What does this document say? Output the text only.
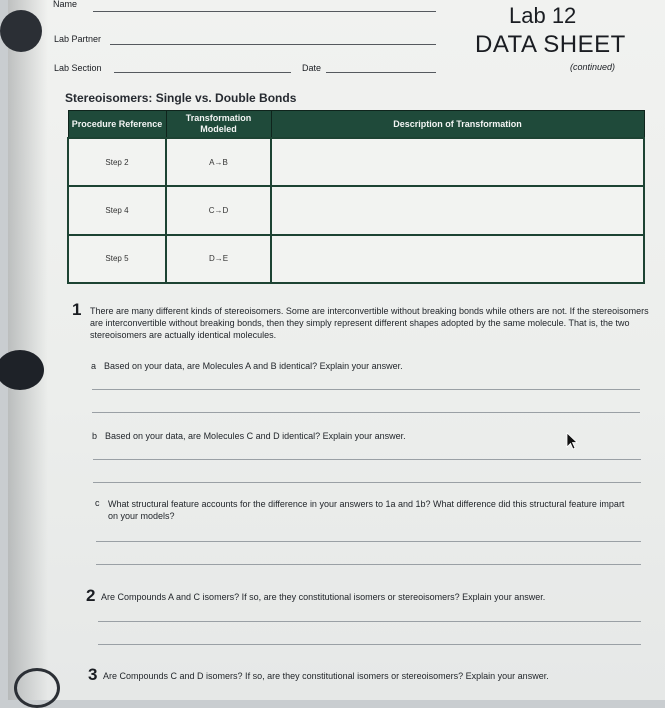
Name
Lab Partner
Lab Section	Date
Lab 12
DATA SHEET
(continued)
Stereoisomers: Single vs. Double Bonds
Procedure Reference	Transformation Modeled	Description of Transformation
Step 2	A→B	
Step 4	C→D	
Step 5	D→E	
1 There are many different kinds of stereoisomers. Some are interconvertible without breaking bonds while others are not. If the stereoisomers are interconvertible without breaking bonds, then they simply represent different shapes adopted by the same molecule. That is, the two stereoisomers are actually identical molecules.
a Based on your data, are Molecules A and B identical? Explain your answer.
b Based on your data, are Molecules C and D identical? Explain your answer.
c What structural feature accounts for the difference in your answers to 1a and 1b? What difference did this structural feature impart on your models?
2 Are Compounds A and C isomers? If so, are they constitutional isomers or stereoisomers? Explain your answer.
3 Are Compounds C and D isomers? If so, are they constitutional isomers or stereoisomers? Explain your answer.
